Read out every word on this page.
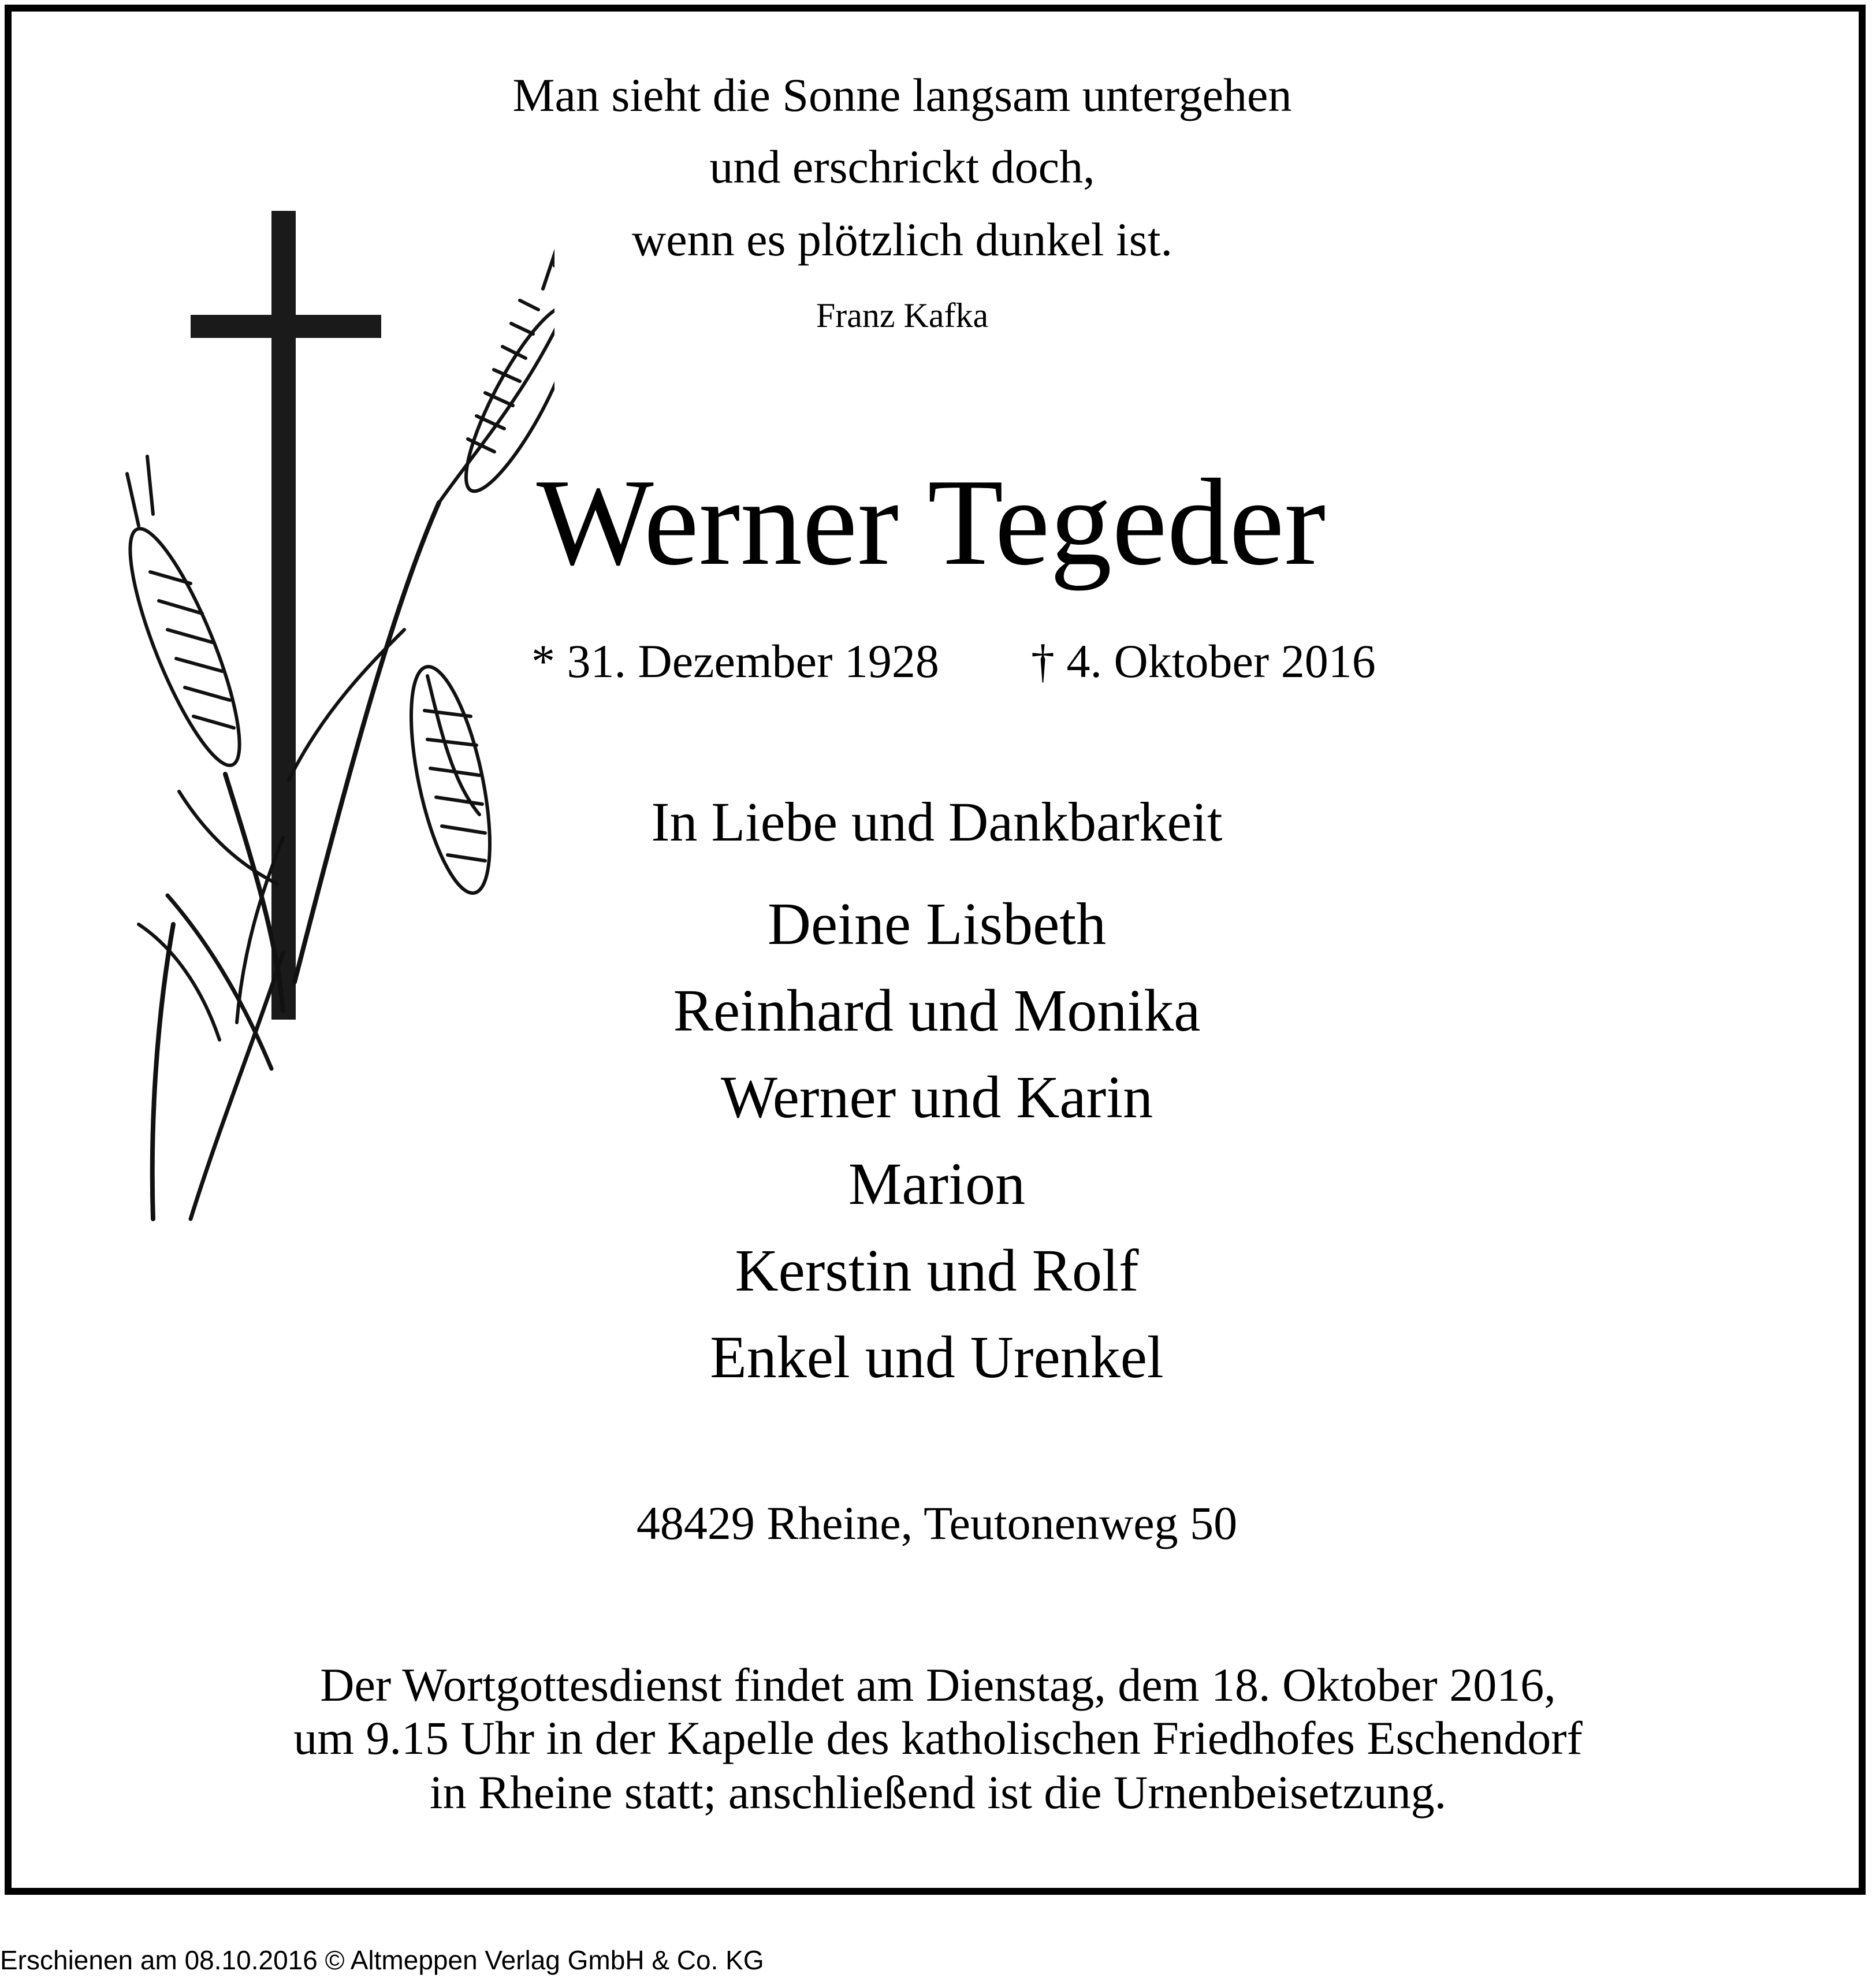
Man sieht die Sonne langsam untergehen
und erschrickt doch,
wenn es plötzlich dunkel ist.
Franz Kafka
Werner Tegeder
* 31. Dezember 1928 † 4. Oktober 2016
In Liebe und Dankbarkeit
Deine Lisbeth
Reinhard und Monika
Werner und Karin
Marion
Kerstin und Rolf
Enkel und Urenkel
48429 Rheine, Teutonenweg 50
Der Wortgottesdienst findet am Dienstag, dem 18. Oktober 2016,
um 9.15 Uhr in der Kapelle des katholischen Friedhofes Eschendorf
in Rheine statt; anschließend ist die Urnenbeisetzung.
Erschienen am 08.10.2016 © Altmeppen Verlag GmbH & Co. KG
